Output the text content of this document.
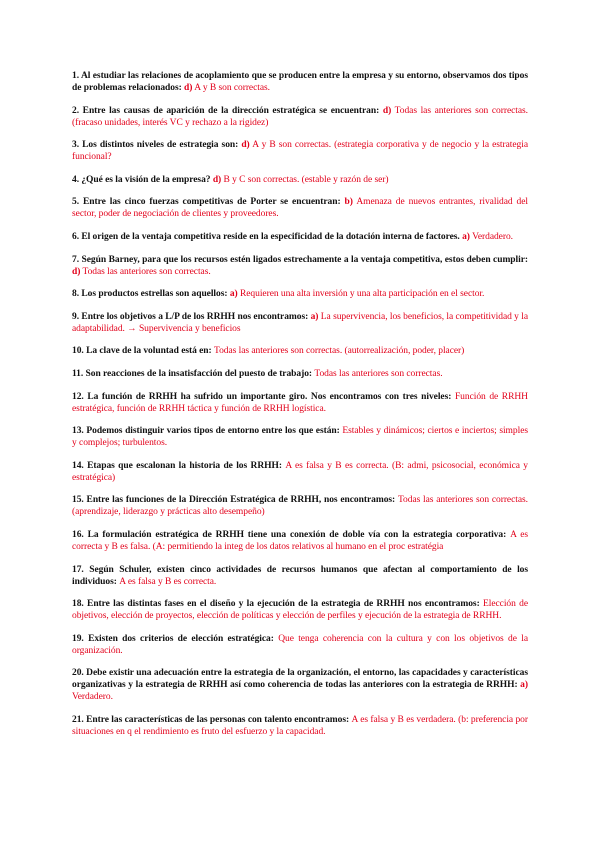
1. Al estudiar las relaciones de acoplamiento que se producen entre la empresa y su entorno, observamos dos tipos de problemas relacionados: d) A y B son correctas.

2. Entre las causas de aparición de la dirección estratégica se encuentran: d) Todas las anteriores son correctas. (fracaso unidades, interés VC y rechazo a la rigidez)

3. Los distintos niveles de estrategia son: d) A y B son correctas. (estrategia corporativa y de negocio y la estrategia funcional?

4. ¿Qué es la visión de la empresa? d) B y C son correctas. (estable y razón de ser)

5. Entre las cinco fuerzas competitivas de Porter se encuentran: b) Amenaza de nuevos entrantes, rivalidad del sector, poder de negociación de clientes y proveedores.

6. El origen de la ventaja competitiva reside en la especificidad de la dotación interna de factores. a) Verdadero.

7. Según Barney, para que los recursos estén ligados estrechamente a la ventaja competitiva, estos deben cumplir: d) Todas las anteriores son correctas.

8. Los productos estrellas son aquellos: a) Requieren una alta inversión y una alta participación en el sector.

9. Entre los objetivos a L/P de los RRHH nos encontramos: a) La supervivencia, los beneficios, la competitividad y la adaptabilidad. → Supervivencia y beneficios

10. La clave de la voluntad está en: Todas las anteriores son correctas. (autorrealización, poder, placer)

11. Son reacciones de la insatisfacción del puesto de trabajo: Todas las anteriores son correctas.

12. La función de RRHH ha sufrido un importante giro. Nos encontramos con tres niveles: Función de RRHH estratégica, función de RRHH táctica y función de RRHH logística.

13. Podemos distinguir varios tipos de entorno entre los que están: Estables y dinámicos; ciertos e inciertos; simples y complejos; turbulentos.

14. Etapas que escalonan la historia de los RRHH: A es falsa y B es correcta. (B: admi, psicosocial, económica y estratégica)

15. Entre las funciones de la Dirección Estratégica de RRHH, nos encontramos: Todas las anteriores son correctas. (aprendizaje, liderazgo y prácticas alto desempeño)

16. La formulación estratégica de RRHH tiene una conexión de doble vía con la estrategia corporativa: A es correcta y B es falsa. (A: permitiendo la integ de los datos relativos al humano en el proc estratégia

17. Según Schuler, existen cinco actividades de recursos humanos que afectan al comportamiento de los individuos: A es falsa y B es correcta.

18. Entre las distintas fases en el diseño y la ejecución de la estrategia de RRHH nos encontramos: Elección de objetivos, elección de proyectos, elección de políticas y elección de perfiles y ejecución de la estrategia de RRHH.

19. Existen dos criterios de elección estratégica: Que tenga coherencia con la cultura y con los objetivos de la organización.

20. Debe existir una adecuación entre la estrategia de la organización, el entorno, las capacidades y características organizativas y la estrategia de RRHH así como coherencia de todas las anteriores con la estrategia de RRHH: a) Verdadero.

21. Entre las características de las personas con talento encontramos: A es falsa y B es verdadera. (b: preferencia por situaciones en q el rendimiento es fruto del esfuerzo y la capacidad.
